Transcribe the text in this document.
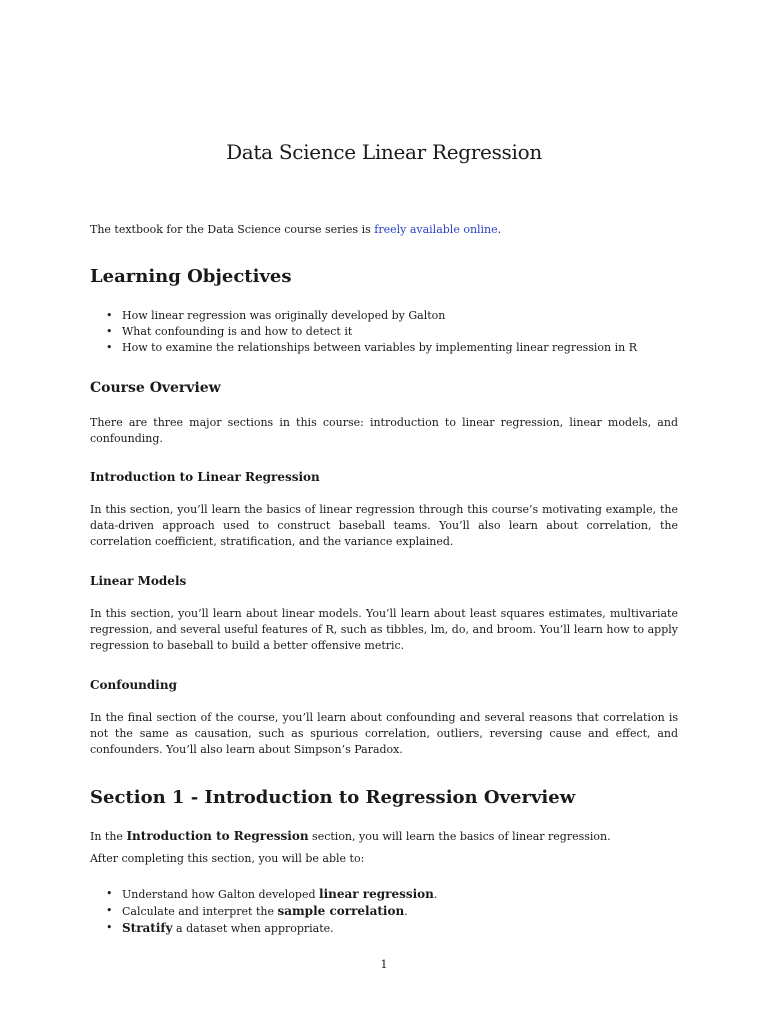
Data Science Linear Regression
The textbook for the Data Science course series is freely available online.
Learning Objectives
• How linear regression was originally developed by Galton
• What confounding is and how to detect it
• How to examine the relationships between variables by implementing linear regression in R
Course Overview
There are three major sections in this course: introduction to linear regression, linear models, and confounding.
Introduction to Linear Regression
In this section, you’ll learn the basics of linear regression through this course’s motivating example, the data-driven approach used to construct baseball teams. You’ll also learn about correlation, the correlation coefficient, stratification, and the variance explained.
Linear Models
In this section, you’ll learn about linear models. You’ll learn about least squares estimates, multivariate regression, and several useful features of R, such as tibbles, lm, do, and broom. You’ll learn how to apply regression to baseball to build a better offensive metric.
Confounding
In the final section of the course, you’ll learn about confounding and several reasons that correlation is not the same as causation, such as spurious correlation, outliers, reversing cause and effect, and confounders. You’ll also learn about Simpson’s Paradox.
Section 1 - Introduction to Regression Overview
In the Introduction to Regression section, you will learn the basics of linear regression.
After completing this section, you will be able to:
• Understand how Galton developed linear regression.
• Calculate and interpret the sample correlation.
• Stratify a dataset when appropriate.
1
